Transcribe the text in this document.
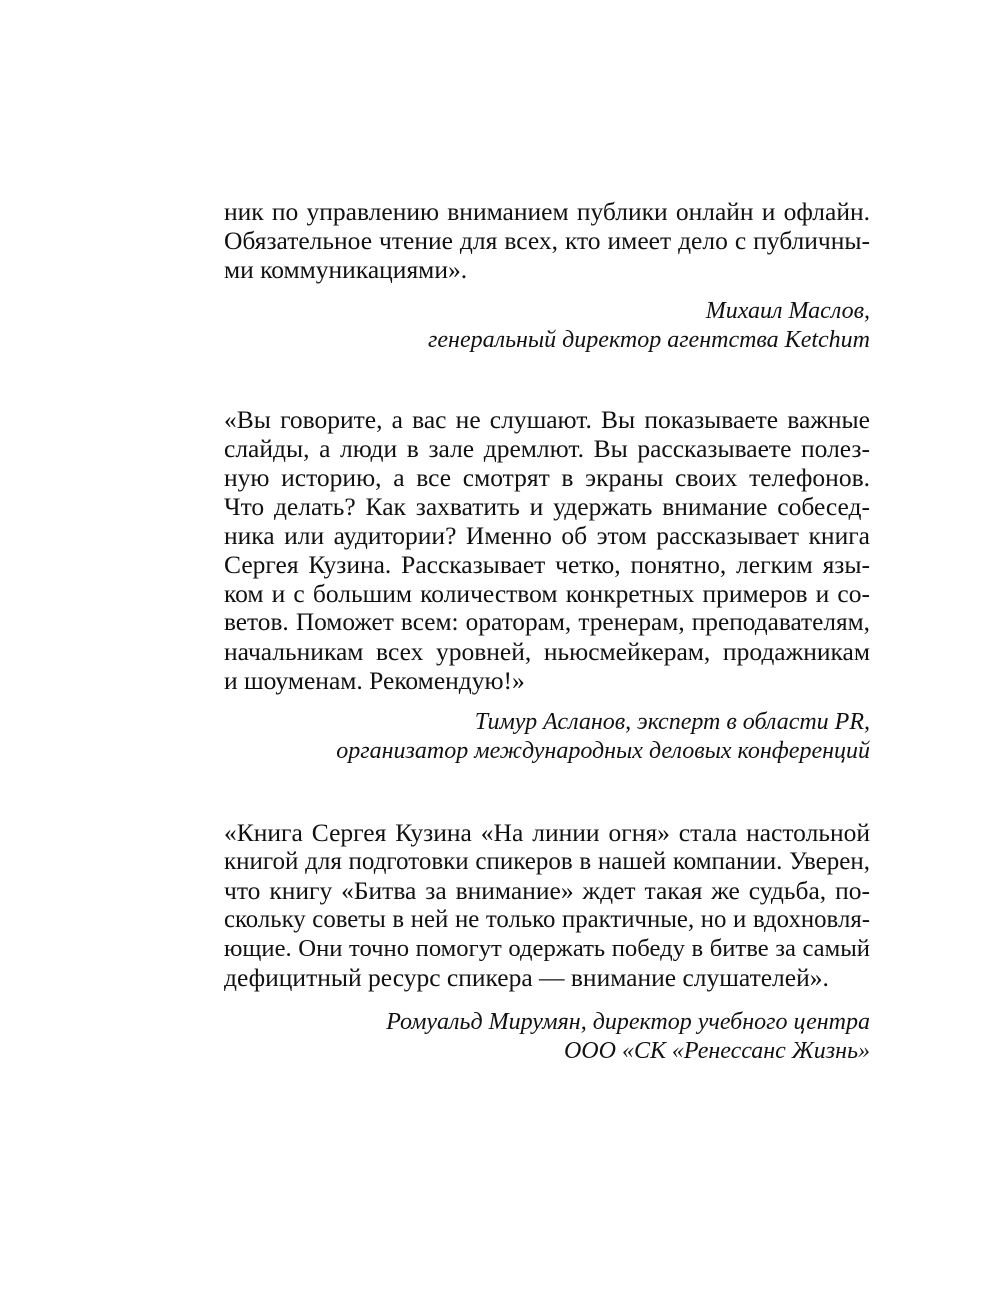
ник по управлению вниманием публики онлайн и офлайн.
Обязательное чтение для всех, кто имеет дело с публичны-
ми коммуникациями».
Михаил Маслов,
генеральный директор агентства Ketchum
«Вы говорите, а вас не слушают. Вы показываете важные
слайды, а люди в зале дремлют. Вы рассказываете полез-
ную историю, а все смотрят в экраны своих телефонов.
Что делать? Как захватить и удержать внимание собесед-
ника или аудитории? Именно об этом рассказывает книга
Сергея Кузина. Рассказывает четко, понятно, легким язы-
ком и с большим количеством конкретных примеров и со-
ветов. Поможет всем: ораторам, тренерам, преподавателям,
начальникам всех уровней, ньюсмейкерам, продажникам
и шоуменам. Рекомендую!»
Тимур Асланов, эксперт в области PR,
организатор международных деловых конференций
«Книга Сергея Кузина «На линии огня» стала настольной
книгой для подготовки спикеров в нашей компании. Уверен,
что книгу «Битва за внимание» ждет такая же судьба, по-
скольку советы в ней не только практичные, но и вдохновля-
ющие. Они точно помогут одержать победу в битве за самый
дефицитный ресурс спикера — внимание слушателей».
Ромуальд Мирумян, директор учебного центра
ООО «СК «Ренессанс Жизнь»
